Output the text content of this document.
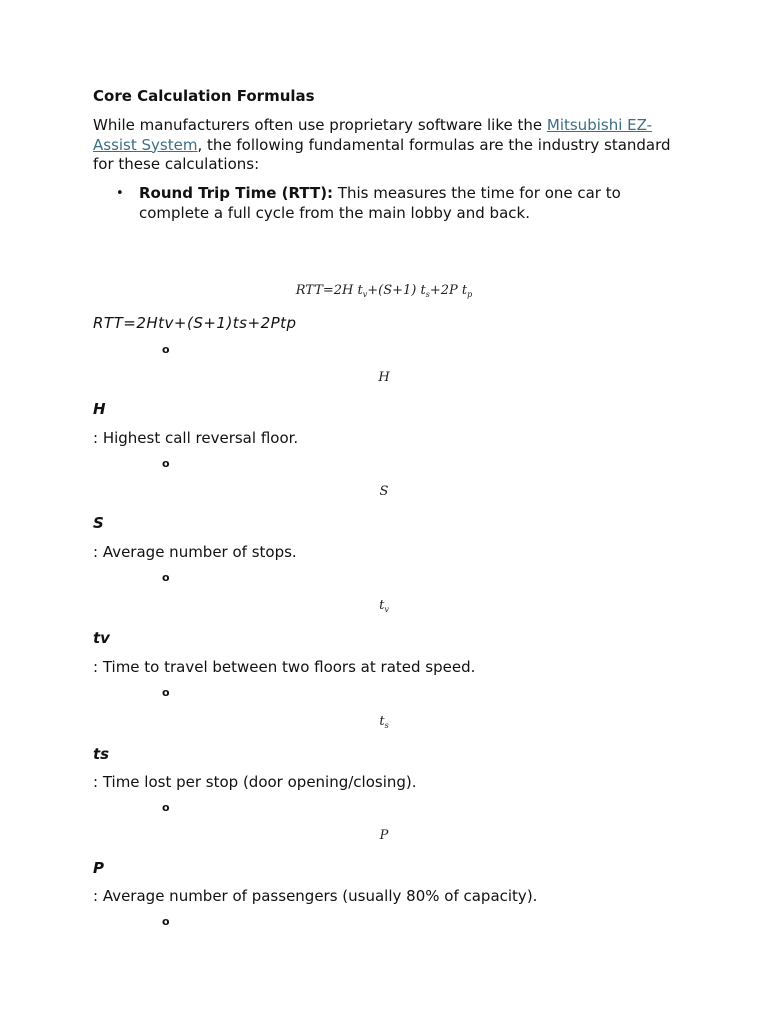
Core Calculation Formulas
While manufacturers often use proprietary software like the Mitsubishi EZ-Assist System, the following fundamental formulas are the industry standard for these calculations:
• Round Trip Time (RTT): This measures the time for one car to complete a full cycle from the main lobby and back.
RTT=2H $t_v+(S+1)$ $t_s+2P$ $t_p$
RTT=2Htv+(S+1)ts+2Ptp
o
H
H
: Highest call reversal floor.
o
S
S
: Average number of stops.
o
$t_v$
tv
: Time to travel between two floors at rated speed.
o
$t_s$
ts
: Time lost per stop (door opening/closing).
o
P
P
: Average number of passengers (usually 80% of capacity).
o
